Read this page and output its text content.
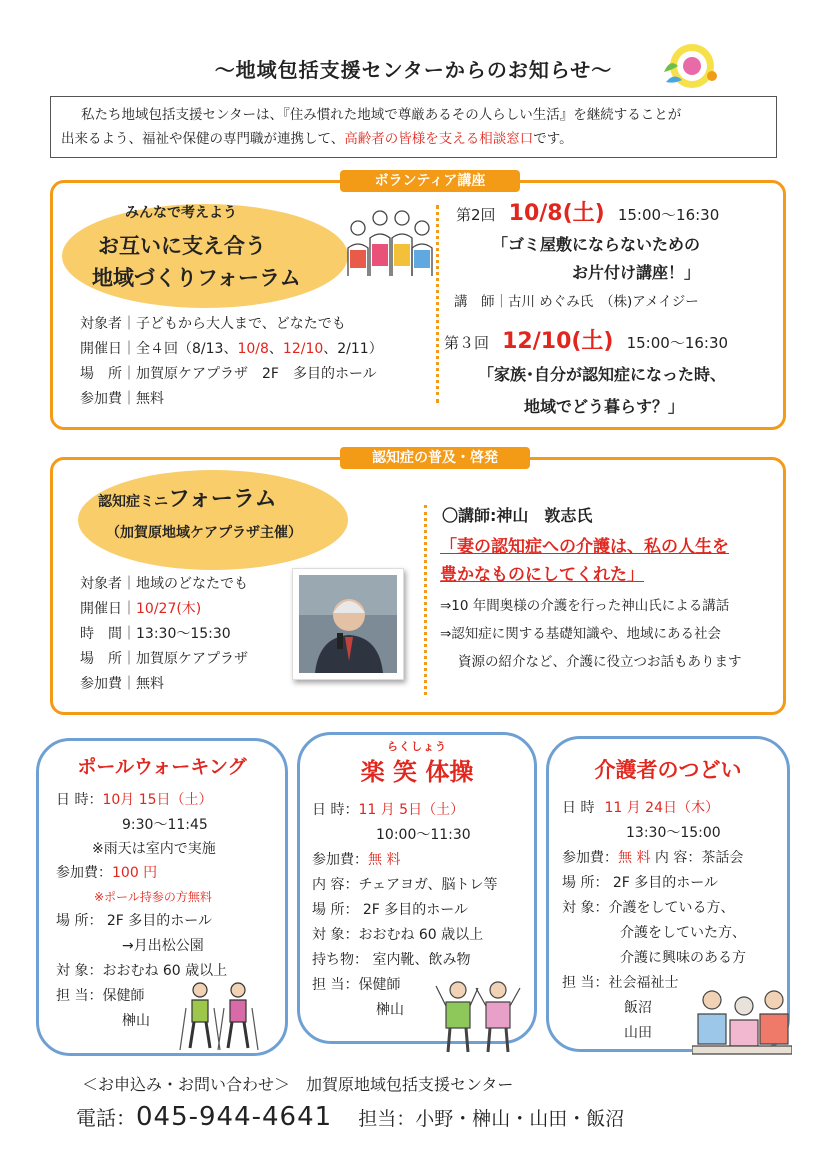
～地域包括支援センターからのお知らせ～
私たち地域包括支援センターは、『住み慣れた地域で尊厳あるその人らしい生活』を継続することが
出来るよう、福祉や保健の専門職が連携して、高齢者の皆様を支える相談窓口です。
ボランティア講座
みんなで考えよう
お互いに支え合う
地域づくりフォーラム
対象者｜子どもから大人まで、どなたでも
開催日｜全４回（8/13、10/8、12/10、2/11）
場　所｜加賀原ケアプラザ　2F　多目的ホール
参加費｜無料
第2回 10/8(土) 15:00～16:30
「ゴミ屋敷にならないための
お片付け講座！」
講　師｜古川 めぐみ氏　（株)アメイジー
第３回 12/10(土) 15:00～16:30
「家族･自分が認知症になった時、
地域でどう暮らす？」
認知症の普及・啓発
認知症ミニフォーラム
（加賀原地域ケアプラザ主催）
対象者｜地域のどなたでも
開催日｜10/27(木)
時　間｜13:30～15:30
場　所｜加賀原ケアプラザ
参加費｜無料
〇講師:神山　敦志氏
「妻の認知症への介護は、私の人生を
豊かなものにしてくれた」
⇒10 年間奥様の介護を行った神山氏による講話
⇒認知症に関する基礎知識や、地域にある社会
資源の紹介など、介護に役立つお話もあります
ポールウォーキング
日 時：10月 15日（土）
9:30～11:45
※雨天は室内で実施
参加費：100 円
※ポール持参の方無料
場 所： 2F 多目的ホール
→月出松公園
対 象：おおむね 60 歳以上
担 当：保健師
榊山
らくしょう
楽 笑 体操
日 時：11 月 5日（土）
10:00～11:30
参加費：無 料
内 容：チェアヨガ、脳トレ等
場 所： 2F 多目的ホール
対 象：おおむね 60 歳以上
持ち物： 室内靴、飲み物
担 当：保健師
榊山
介護者のつどい
日 時 11 月 24日（木）
13:30～15:00
参加費：無 料 内 容：茶話会
場 所： 2F 多目的ホール
対 象：介護をしている方、
介護をしていた方、
介護に興味のある方
担 当：社会福祉士
飯沼
山田
＜お申込み・お問い合わせ＞　加賀原地域包括支援センター
電話：045-944-4641 担当：小野・榊山・山田・飯沼
